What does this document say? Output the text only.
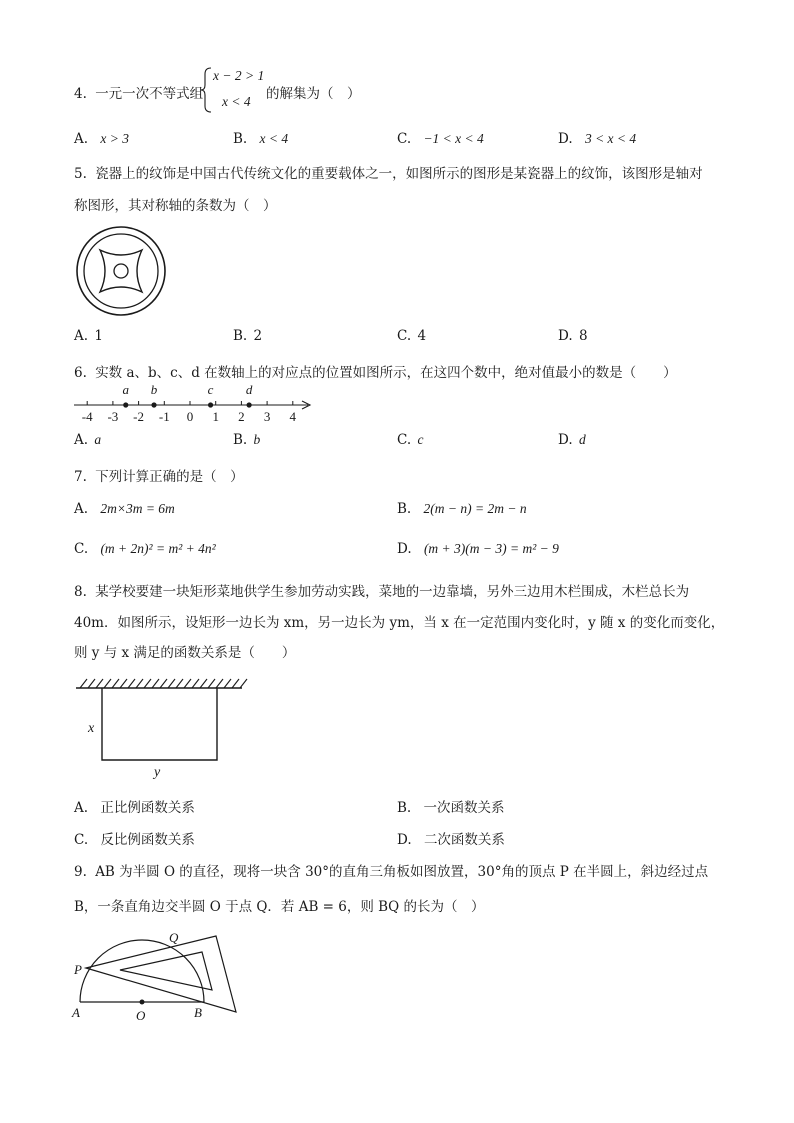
4. 一元一次不等式组
x − 2 > 1
x < 4 的解集为（　）
A. x > 3	B. x < 4	C. −1 < x < 4	D. 3 < x < 4
5. 瓷器上的纹饰是中国古代传统文化的重要载体之一，如图所示的图形是某瓷器上的纹饰，该图形是轴对
称图形，其对称轴的条数为（　）
A. 1	B. 2	C. 4	D. 8
6. 实数 a、b、c、d 在数轴上的对应点的位置如图所示，在这四个数中，绝对值最小的数是（　　）
-4 -3 -2 -1 0 1 2 3 4
a b	c d
A. a	B. b	C. c	D. d
7. 下列计算正确的是（　）
A. 2m×3m = 6m	B. 2(m − n) = 2m − n
C. (m + 2n)² = m² + 4n²	D. (m + 3)(m − 3) = m² − 9
8. 某学校要建一块矩形菜地供学生参加劳动实践，菜地的一边靠墙，另外三边用木栏围成，木栏总长为
40m．如图所示，设矩形一边长为 xm，另一边长为 ym，当 x 在一定范围内变化时，y 随 x 的变化而变化，
则 y 与 x 满足的函数关系是（　　）
x
y
A. 正比例函数关系	B. 一次函数关系
C. 反比例函数关系	D. 二次函数关系
9. AB 为半圆 O 的直径，现将一块含 30°的直角三角板如图放置，30°角的顶点 P 在半圆上，斜边经过点
B，一条直角边交半圆 O 于点 Q．若 AB = 6，则 BQ 的长为（　）
P
Q
A	O	B
